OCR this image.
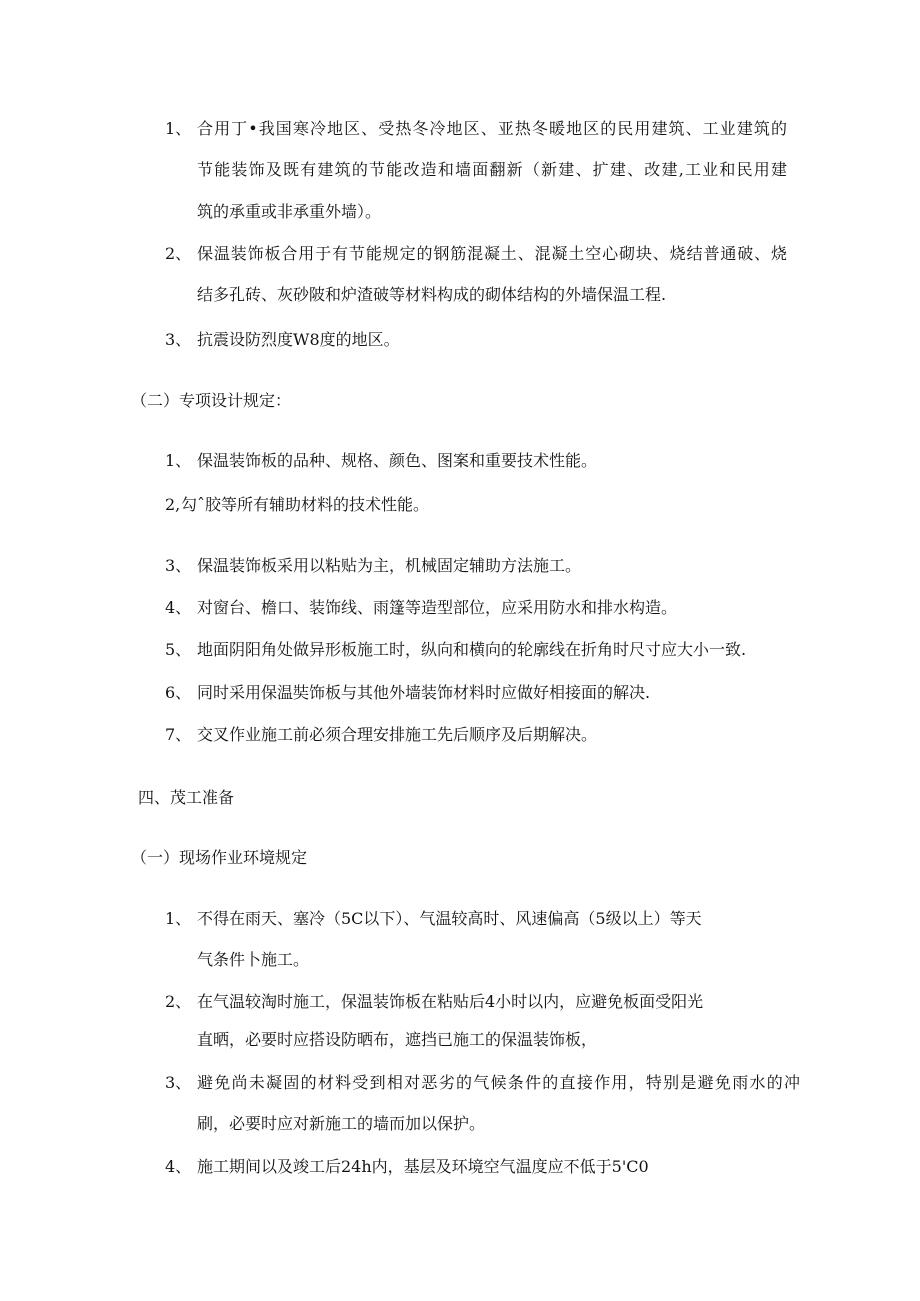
1、 合用丁•我国寒冷地区、受热冬冷地区、亚热冬暖地区的民用建筑、工业建筑的
节能装饰及既有建筑的节能改造和墙面翻新（新建、扩建、改建,工业和民用建
筑的承重或非承重外墙）。
2、 保温装饰板合用于有节能规定的钢筋混凝土、混凝土空心砌块、烧结普通破、烧
结多孔砖、灰砂陂和炉渣破等材料构成的砌体结构的外墙保温工程.
3、 抗震设防烈度W8度的地区。
（二）专项设计规定：
1、 保温装饰板的品种、规格、颜色、图案和重要技术性能。
2, 勾ˆ胶等所有辅助材料的技术性能。
3、 保温装饰板采用以粘贴为主，机械固定辅助方法施工。
4、 对窗台、檐口、装饰线、雨篷等造型部位，应采用防水和排水构造。
5、 地面阴阳角处做异形板施工时，纵向和横向的轮廓线在折角时尺寸应大小一致.
6、 同时采用保温奘饰板与其他外墙装饰材料时应做好相接面的解决.
7、 交叉作业施工前必须合理安排施工先后顺序及后期解决。
四、茂工准备
（一）现场作业环境规定
1、 不得在雨天、塞冷（5C以下）、气温较高时、风速偏高（5级以上）等天
气条件卜施工。
2、 在气温较淘时施工，保温装饰板在粘贴后4小时以内，应避免板面受阳光
直晒，必要时应搭设防晒布，遮挡已施工的保温装饰板，
3、 避免尚未凝固的材料受到相对恶劣的气候条件的直接作用，特别是避免雨水的冲
刷，必要时应对新施工的墙而加以保护。
4、 施工期间以及竣工后24h内，基层及环境空气温度应不低于5'C0
